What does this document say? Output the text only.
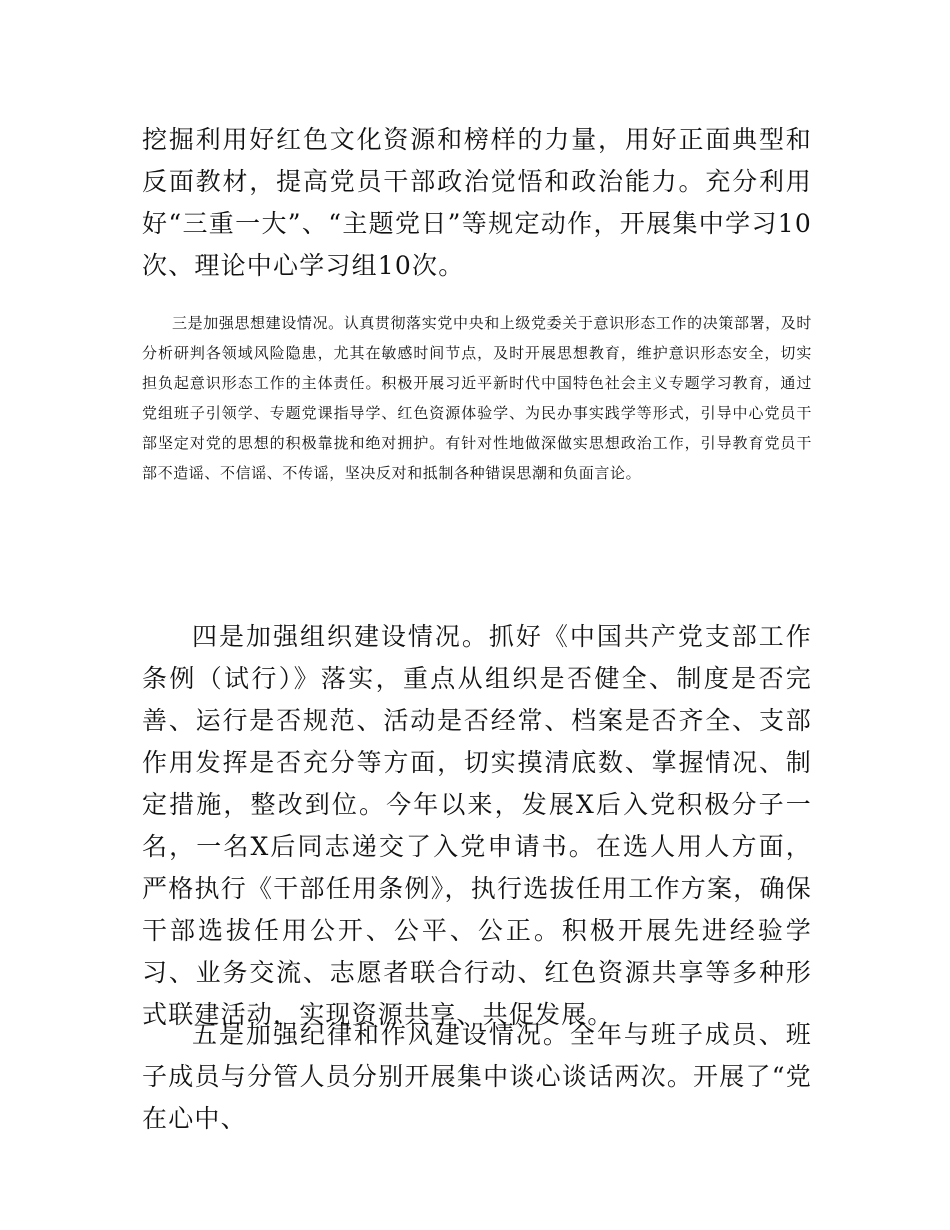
挖掘利用好红色文化资源和榜样的力量，用好正面典型和反面教材，提高党员干部政治觉悟和政治能力。充分利用好“三重一大”、“主题党日”等规定动作，开展集中学习10次、理论中心学习组10次。

三是加强思想建设情况。认真贯彻落实党中央和上级党委关于意识形态工作的决策部署，及时分析研判各领域风险隐患，尤其在敏感时间节点，及时开展思想教育，维护意识形态安全，切实担负起意识形态工作的主体责任。积极开展习近平新时代中国特色社会主义专题学习教育，通过党组班子引领学、专题党课指导学、红色资源体验学、为民办事实践学等形式，引导中心党员干部坚定对党的思想的积极靠拢和绝对拥护。有针对性地做深做实思想政治工作，引导教育党员干部不造谣、不信谣、不传谣，坚决反对和抵制各种错误思潮和负面言论。

四是加强组织建设情况。抓好《中国共产党支部工作条例（试行）》落实，重点从组织是否健全、制度是否完善、运行是否规范、活动是否经常、档案是否齐全、支部作用发挥是否充分等方面，切实摸清底数、掌握情况、制定措施，整改到位。今年以来，发展X后入党积极分子一名，一名X后同志递交了入党申请书。在选人用人方面，严格执行《干部任用条例》，执行选拔任用工作方案，确保干部选拔任用公开、公平、公正。积极开展先进经验学习、业务交流、志愿者联合行动、红色资源共享等多种形式联建活动，实现资源共享、共促发展。

五是加强纪律和作风建设情况。全年与班子成员、班子成员与分管人员分别开展集中谈心谈话两次。开展了“党在心中、
